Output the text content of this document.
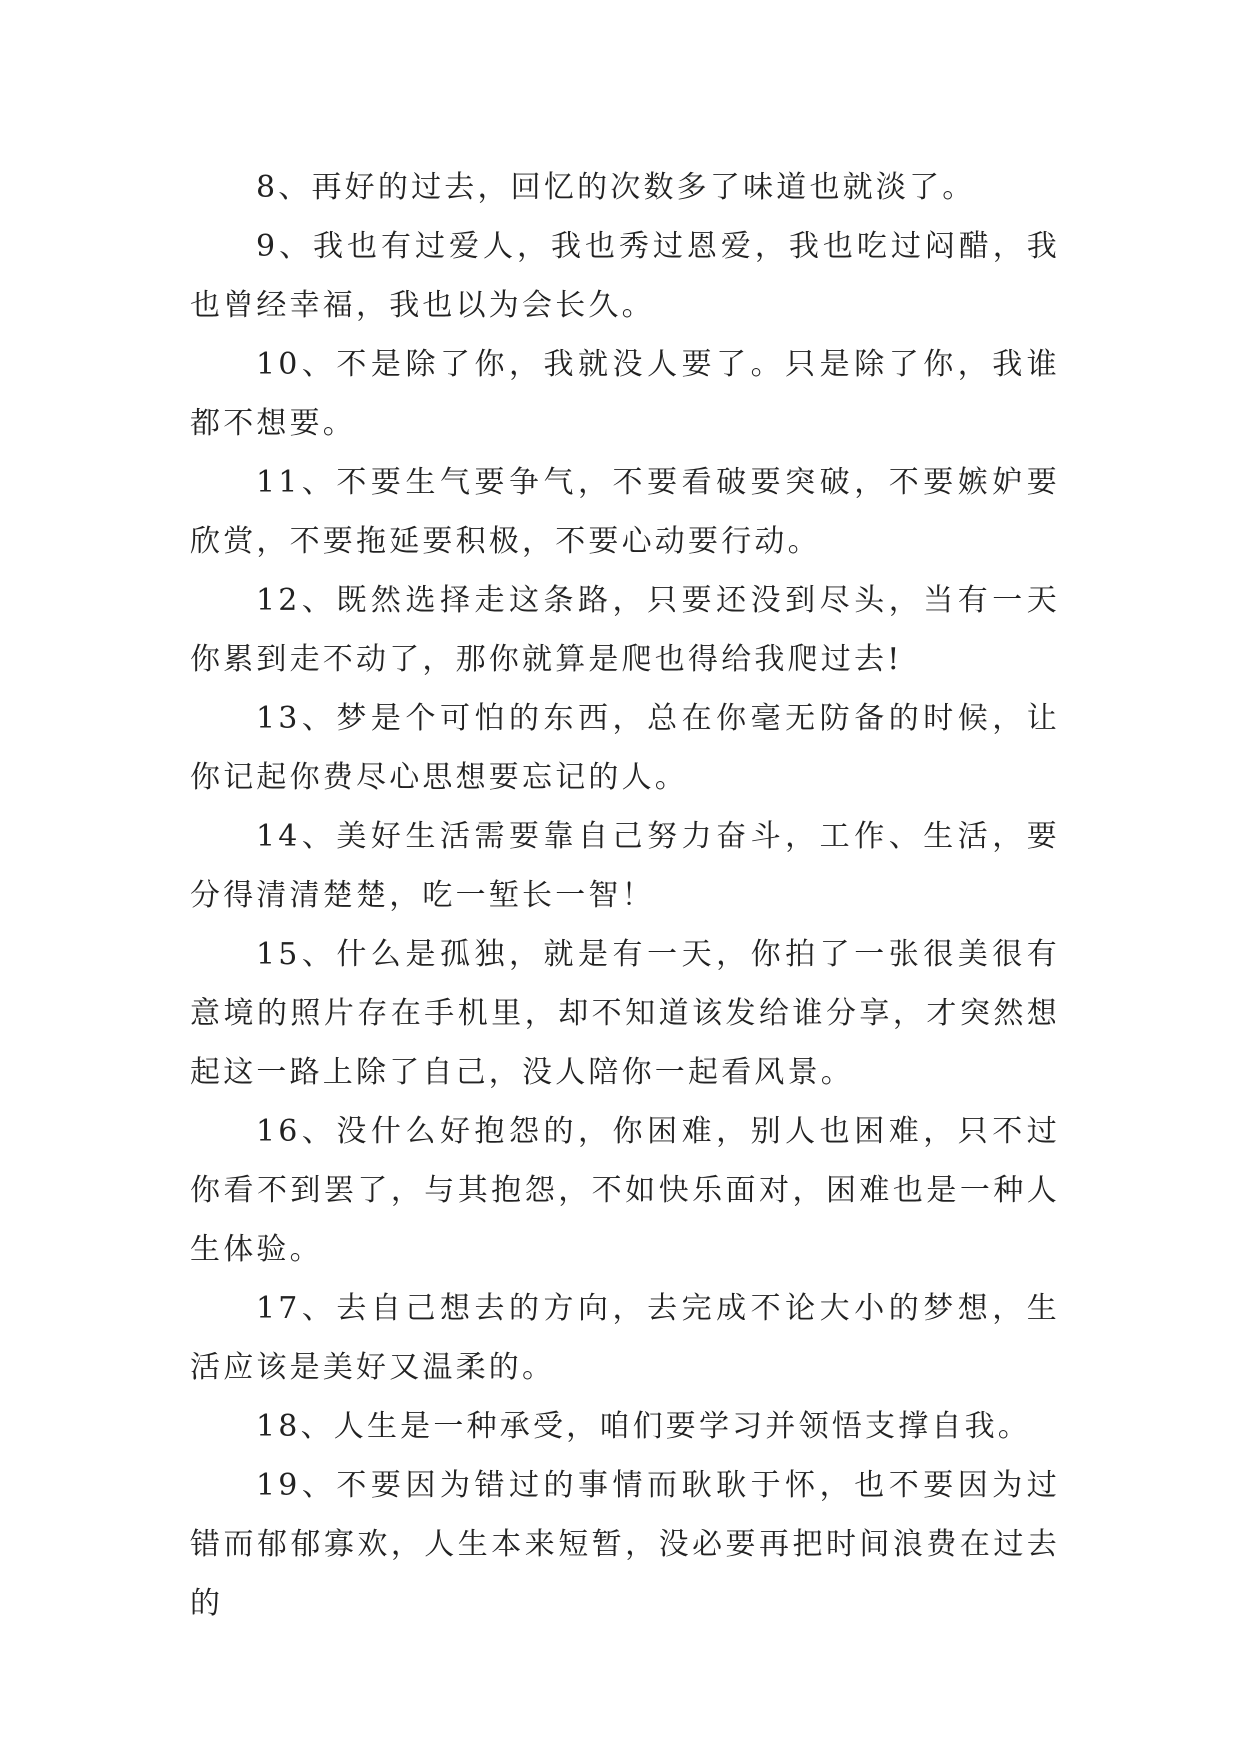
8、再好的过去，回忆的次数多了味道也就淡了。

9、我也有过爱人，我也秀过恩爱，我也吃过闷醋，我也曾经幸福，我也以为会长久。

10、不是除了你，我就没人要了。只是除了你，我谁都不想要。

11、不要生气要争气，不要看破要突破，不要嫉妒要欣赏，不要拖延要积极，不要心动要行动。

12、既然选择走这条路，只要还没到尽头，当有一天你累到走不动了，那你就算是爬也得给我爬过去!

13、梦是个可怕的东西，总在你毫无防备的时候，让你记起你费尽心思想要忘记的人。

14、美好生活需要靠自己努力奋斗，工作、生活，要分得清清楚楚，吃一堑长一智！

15、什么是孤独，就是有一天，你拍了一张很美很有意境的照片存在手机里，却不知道该发给谁分享，才突然想起这一路上除了自己，没人陪你一起看风景。

16、没什么好抱怨的，你困难，别人也困难，只不过你看不到罢了，与其抱怨，不如快乐面对，困难也是一种人生体验。

17、去自己想去的方向，去完成不论大小的梦想，生活应该是美好又温柔的。

18、人生是一种承受，咱们要学习并领悟支撑自我。

19、不要因为错过的事情而耿耿于怀，也不要因为过错而郁郁寡欢，人生本来短暂，没必要再把时间浪费在过去的
